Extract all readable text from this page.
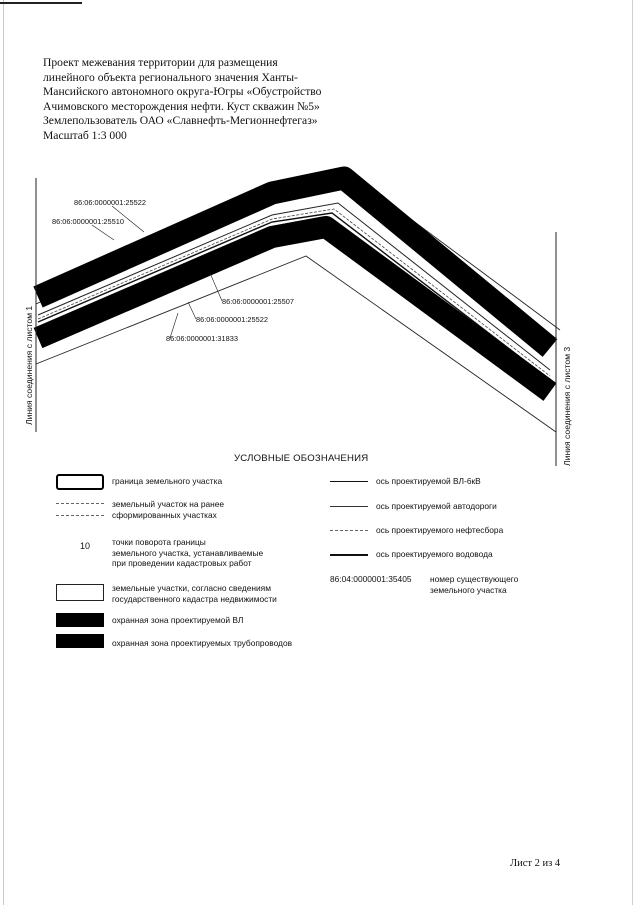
Проект межевания территории для размещения
линейного объекта регионального значения Ханты-
Мансийского автономного округа-Югры «Обустройство
Ачимовского месторождения нефти. Куст скважин №5»
Землепользователь ОАО «Славнефть-Мегионнефтегаз»
Масштаб 1:3 000
86:06:0000001:25522
86:06:0000001:25510
86:06:0000001:25507
86:06:0000001:25522
86:06:0000001:31833
Линия соединения с листом 1	Линия соединения с листом 3
УСЛОВНЫЕ ОБОЗНАЧЕНИЯ
граница земельного участка
земельный участок на ранее
сформированных участках
10	точки поворота границы
земельного участка, устанавливаемые
при проведении кадастровых работ
земельные участки, согласно сведениям
государственного кадастра недвижимости
охранная зона проектируемой ВЛ
охранная зона проектируемых трубопроводов
ось проектируемой ВЛ-6кВ
ось проектируемой автодороги
ось проектируемого нефтесбора
ось проектируемого водовода
86:04:0000001:35405 номер существующего
земельного участка
Лист 2 из 4
